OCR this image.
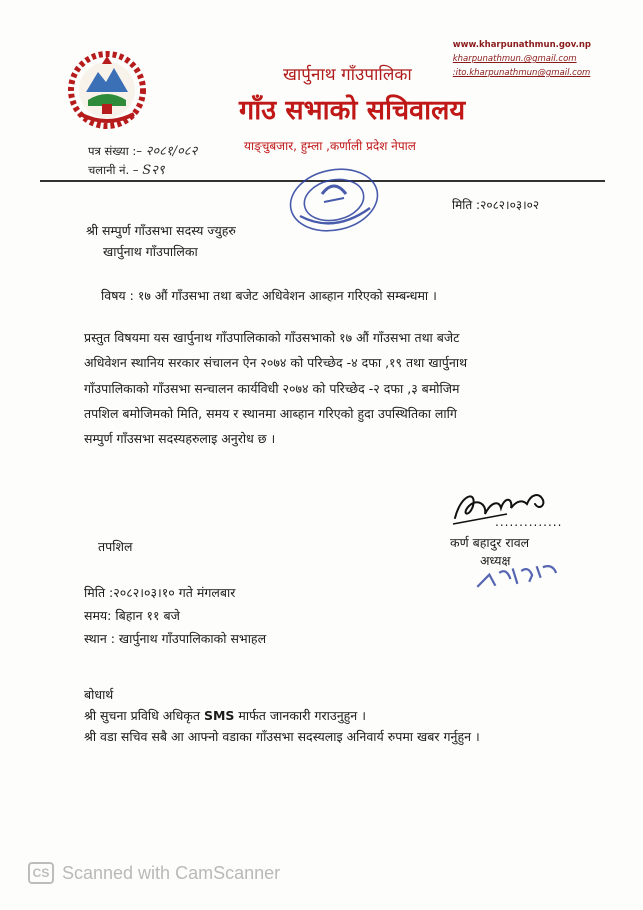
www.kharpunathmun.gov.np
kharpunathmun.@gmail.com
:ito.kharpunathmun@gmail.com
खार्पुनाथ गाँउपालिका
गाँउ सभाको सचिवालय
पत्र संख्या :– २०८१/०८२
चलानी नं. – S२९
याङ्चुबजार, हुम्ला ,कर्णाली प्रदेश नेपाल
मिति :२०८२।०३।०२
श्री सम्पुर्ण गाँउसभा सदस्य ज्युहरु
खार्पुनाथ गाँउपालिका
विषय : १७ औं गाँउसभा तथा बजेट अधिवेशन आब्हान गरिएको सम्बन्धमा ।
प्रस्तुत विषयमा यस खार्पुनाथ गाँउपालिकाको गाँउसभाको १७ औं गाँउसभा तथा बजेट
अधिवेशन स्थानिय सरकार संचालन ऐन २०७४ को परिच्छेद -४ दफा ,१९ तथा खार्पुनाथ
गाँउपालिकाको गाँउसभा सन्चालन कार्यविधी २०७४ को परिच्छेद -२ दफा ,३ बमोजिम
तपशिल बमोजिमको मिति, समय र स्थानमा आब्हान गरिएको हुदा उपस्थितिका लागि
सम्पुर्ण गाँउसभा सदस्यहरुलाइ अनुरोध छ ।
..............
कर्ण बहादुर रावल
अध्यक्ष
तपशिल
मिति :२०८२।०३।१० गते मंगलबार
समय: बिहान ११ बजे
स्थान : खार्पुनाथ गाँउपालिकाको सभाहल
बोधार्थ
श्री सुचना प्रविधि अधिकृत SMS मार्फत जानकारी गराउनुहुन ।
श्री वडा सचिव सबै आ आफ्नो वडाका गाँउसभा सदस्यलाइ अनिवार्य रुपमा खबर गर्नुहुन ।
CS Scanned with CamScanner
